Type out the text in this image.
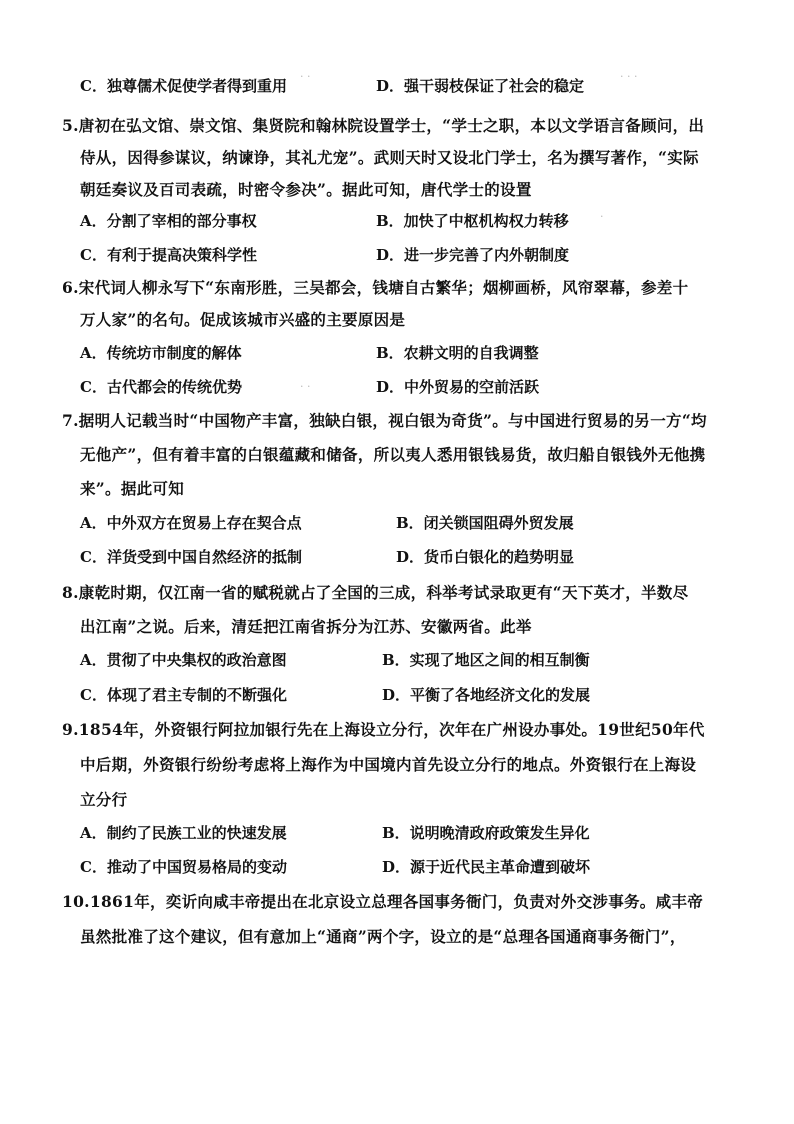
· ·	· · ·
·
· ·
C．独尊儒术促使学者得到重用	D．强干弱枝保证了社会的稳定
5.唐初在弘文馆、崇文馆、集贤院和翰林院设置学士，“学士之职，本以文学语言备顾问，出
侍从，因得参谋议，纳谏诤，其礼尤宠”。武则天时又设北门学士，名为撰写著作，“实际
朝廷奏议及百司表疏，时密令参决”。据此可知，唐代学士的设置
A．分割了宰相的部分事权	B．加快了中枢机构权力转移
C．有利于提高决策科学性	D．进一步完善了内外朝制度
6.宋代词人柳永写下“东南形胜，三吴都会，钱塘自古繁华；烟柳画桥，风帘翠幕，参差十
万人家”的名句。促成该城市兴盛的主要原因是
A．传统坊市制度的解体	B．农耕文明的自我调整
C．古代都会的传统优势	D．中外贸易的空前活跃
7.据明人记载当时“中国物产丰富，独缺白银，视白银为奇货”。与中国进行贸易的另一方“均
无他产”，但有着丰富的白银蕴藏和储备，所以夷人悉用银钱易货，故归船自银钱外无他携
来”。据此可知
A．中外双方在贸易上存在契合点	B．闭关锁国阻碍外贸发展
C．洋货受到中国自然经济的抵制	D．货币白银化的趋势明显
8.康乾时期，仅江南一省的赋税就占了全国的三成，科举考试录取更有“天下英才，半数尽
出江南”之说。后来，清廷把江南省拆分为江苏、安徽两省。此举
A．贯彻了中央集权的政治意图	B．实现了地区之间的相互制衡
C．体现了君主专制的不断强化	D．平衡了各地经济文化的发展
9.1854年，外资银行阿拉加银行先在上海设立分行，次年在广州设办事处。19世纪50年代
中后期，外资银行纷纷考虑将上海作为中国境内首先设立分行的地点。外资银行在上海设
立分行
A．制约了民族工业的快速发展	B．说明晚清政府政策发生异化
C．推动了中国贸易格局的变动	D．源于近代民主革命遭到破坏
10.1861年，奕䜣向咸丰帝提出在北京设立总理各国事务衙门，负责对外交涉事务。咸丰帝
虽然批准了这个建议，但有意加上“通商”两个字，设立的是“总理各国通商事务衙门”，
